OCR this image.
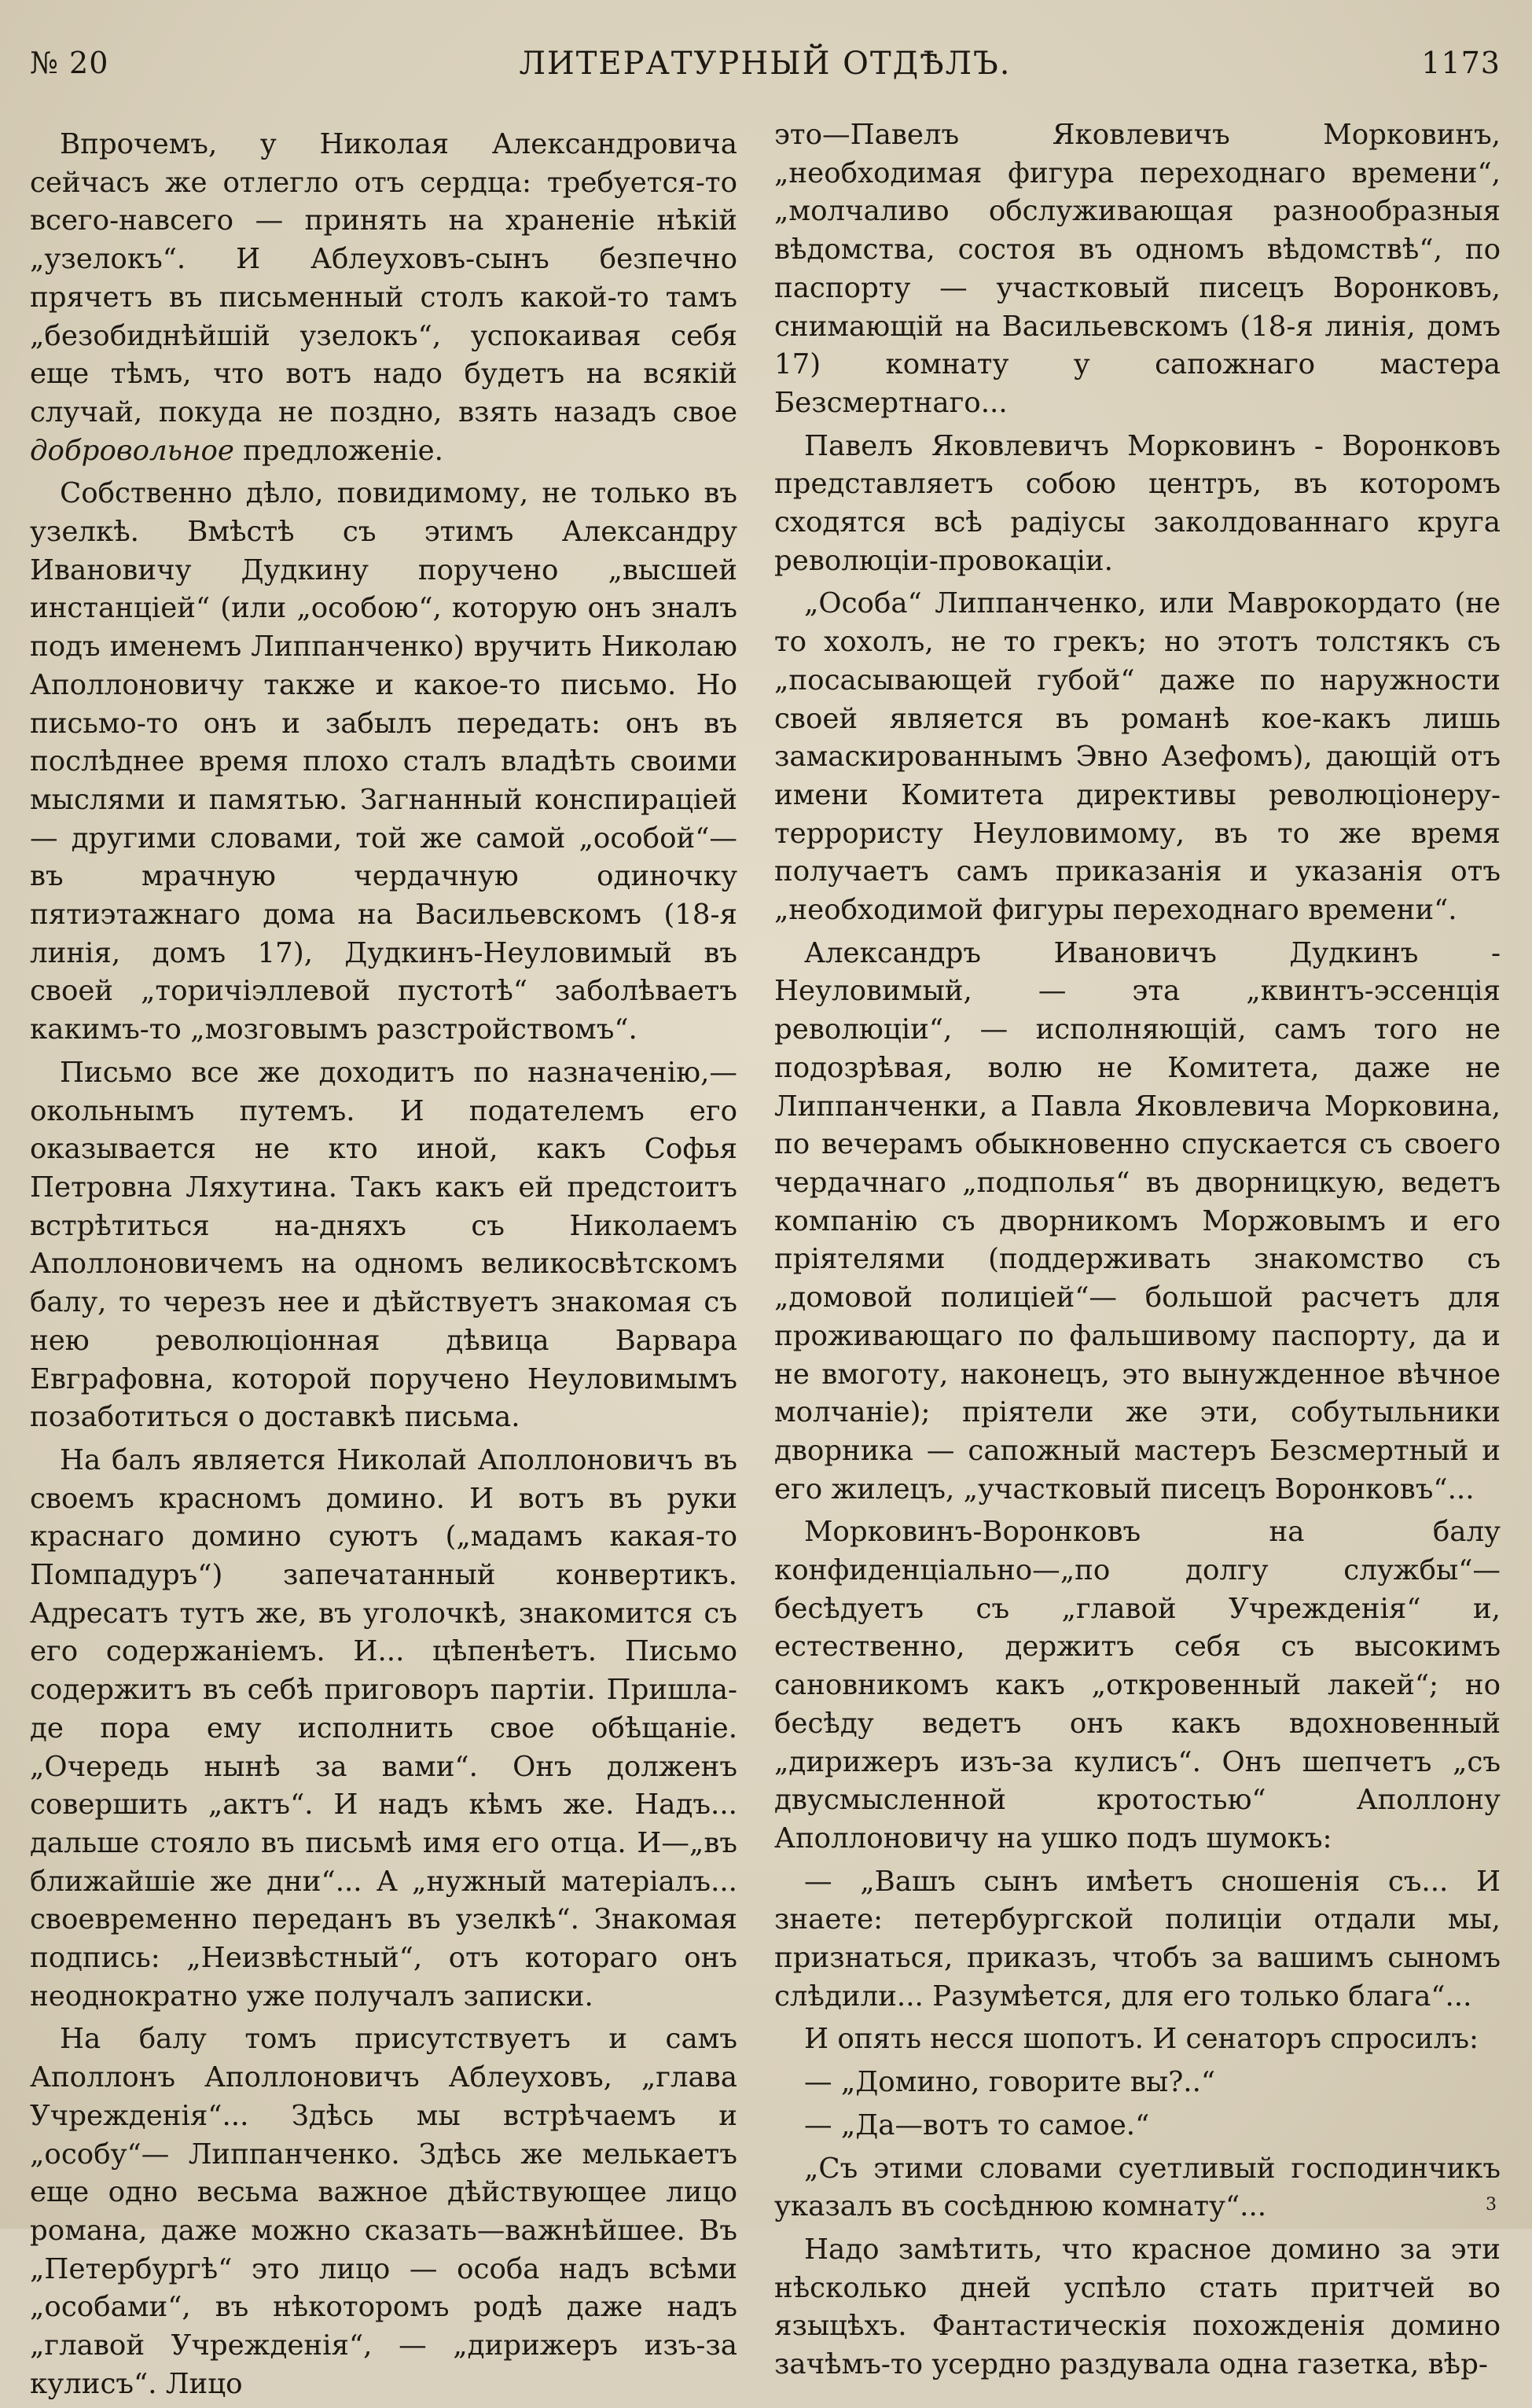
№ 20	ЛИТЕРАТУРНЫЙ ОТДѢЛЪ.	1173

Впрочемъ, у Николая Александровича сейчасъ же отлегло отъ сердца: требуется-то всего-навсего — принять на храненіе нѣкій „узелокъ“. И Аблеуховъ-сынъ безпечно прячетъ въ письменный столъ какой-то тамъ „безобиднѣйшій узелокъ“, успокаивая себя еще тѣмъ, что вотъ надо будетъ на всякій случай, покуда не поздно, взять назадъ свое добровольное предложеніе.

Собственно дѣло, повидимому, не только въ узелкѣ. Вмѣстѣ съ этимъ Александру Ивановичу Дудкину поручено „высшей инстанціей“ (или „особою“, которую онъ зналъ подъ именемъ Липпанченко) вручить Николаю Аполлоновичу также и какое-то письмо. Но письмо-то онъ и забылъ передать: онъ въ послѣднее время плохо сталъ владѣть своими мыслями и памятью. Загнанный конспираціей — другими словами, той же самой „особой“—въ мрачную чердачную одиночку пятиэтажнаго дома на Васильевскомъ (18-я линія, домъ 17), Дудкинъ-Неуловимый въ своей „торичіэллевой пустотѣ“ заболѣваетъ какимъ-то „мозговымъ разстройствомъ“.

Письмо все же доходитъ по назначенію,— окольнымъ путемъ. И подателемъ его оказывается не кто иной, какъ Софья Петровна Ляхутина. Такъ какъ ей предстоитъ встрѣтиться на-дняхъ съ Николаемъ Аполлоновичемъ на одномъ великосвѣтскомъ балу, то черезъ нее и дѣйствуетъ знакомая съ нею революціонная дѣвица Варвара Евграфовна, которой поручено Неуловимымъ позаботиться о доставкѣ письма.

На балъ является Николай Аполлоновичъ въ своемъ красномъ домино. И вотъ въ руки краснаго домино суютъ („мадамъ какая-то Помпадуръ“) запечатанный конвертикъ. Адресатъ тутъ же, въ уголочкѣ, знакомится съ его содержаніемъ. И... цѣпенѣетъ. Письмо содержитъ въ себѣ приговоръ партіи. Пришла-де пора ему исполнить свое обѣщаніе. „Очередь нынѣ за вами“. Онъ долженъ совершить „актъ“. И надъ кѣмъ же. Надъ... дальше стояло въ письмѣ имя его отца. И—„въ ближайшіе же дни“... А „нужный матеріалъ... своевременно переданъ въ узелкѣ“. Знакомая подпись: „Неизвѣстный“, отъ котораго онъ неоднократно уже получалъ записки.

На балу томъ присутствуетъ и самъ Аполлонъ Аполлоновичъ Аблеуховъ, „глава Учрежденія“... Здѣсь мы встрѣчаемъ и „особу“— Липпанченко. Здѣсь же мелькаетъ еще одно весьма важное дѣйствующее лицо романа, даже можно сказать—важнѣйшее. Въ „Петербургѣ“ это лицо — особа надъ всѣми „особами“, въ нѣкоторомъ родѣ даже надъ „главой Учрежденія“, — „дирижеръ изъ-за кулисъ“. Лицо

это—Павелъ Яковлевичъ Морковинъ, „необходимая фигура переходнаго времени“, „молчаливо обслуживающая разнообразныя вѣдомства, состоя въ одномъ вѣдомствѣ“, по паспорту — участковый писецъ Воронковъ, снимающій на Васильевскомъ (18-я линія, домъ 17) комнату у сапожнаго мастера Безсмертнаго...

Павелъ Яковлевичъ Морковинъ - Воронковъ представляетъ собою центръ, въ которомъ сходятся всѣ радіусы заколдованнаго круга революціи-провокаціи.

„Особа“ Липпанченко, или Маврокордато (не то хохолъ, не то грекъ; но этотъ толстякъ съ „посасывающей губой“ даже по наружности своей является въ романѣ кое-какъ лишь замаскированнымъ Эвно Азефомъ), дающій отъ имени Комитета директивы революціонеру-террористу Неуловимому, въ то же время получаетъ самъ приказанія и указанія отъ „необходимой фигуры переходнаго времени“.

Александръ Ивановичъ Дудкинъ - Неуловимый, — эта „квинтъ-эссенція революціи“, — исполняющій, самъ того не подозрѣвая, волю не Комитета, даже не Липпанченки, а Павла Яковлевича Морковина, по вечерамъ обыкновенно спускается съ своего чердачнаго „подполья“ въ дворницкую, ведетъ компанію съ дворникомъ Моржовымъ и его пріятелями (поддерживать знакомство съ „домовой полиціей“— большой расчетъ для проживающаго по фальшивому паспорту, да и не вмоготу, наконецъ, это вынужденное вѣчное молчаніе); пріятели же эти, собутыльники дворника — сапожный мастеръ Безсмертный и его жилецъ, „участковый писецъ Воронковъ“...

Морковинъ-Воронковъ на балу конфиденціально—„по долгу службы“—бесѣдуетъ съ „главой Учрежденія“ и, естественно, держитъ себя съ высокимъ сановникомъ какъ „откровенный лакей“; но бесѣду ведетъ онъ какъ вдохновенный „дирижеръ изъ-за кулисъ“. Онъ шепчетъ „съ двусмысленной кротостью“ Аполлону Аполлоновичу на ушко подъ шумокъ:

— „Вашъ сынъ имѣетъ сношенія съ... И знаете: петербургской полиціи отдали мы, признаться, приказъ, чтобъ за вашимъ сыномъ слѣдили... Разумѣется, для его только блага“...

И опять несся шопотъ. И сенаторъ спросилъ:

— „Домино, говорите вы?..“

— „Да—вотъ то самое.“

„Съ этими словами суетливый господинчикъ указалъ въ сосѣднюю комнату“...

Надо замѣтить, что красное домино за эти нѣсколько дней успѣло стать притчей во языцѣхъ. Фантастическія похожденія домино зачѣмъ-то усердно раздувала одна газетка, вѣр-

3
